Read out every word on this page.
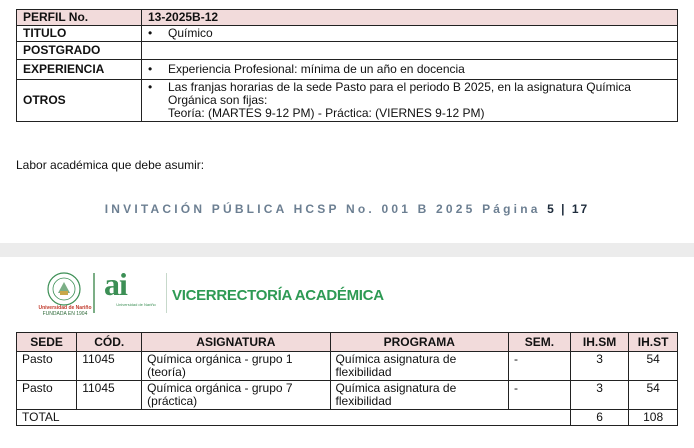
PERFIL No.	13-2025B-12
TITULO	• Químico

POSTGRADO	
EXPERIENCIA	• Experiencia Profesional: mínima de un año en docencia

OTROS	• Las franjas horarias de la sede Pasto para el periodo B 2025, en la asignatura Química Orgánica son fijas:
Teoría: (MARTES 9-12 PM) - Práctica: (VIERNES 9-12 PM)
Labor académica que debe asumir:
INVITACIÓN PÚBLICA HCSP No. 001 B 2025 Página 5 | 17
Universidad de Nariño
FUNDADA EN 1904
ai
Universidad de Nariño
VICERRECTORÍA ACADÉMICA
SEDE	CÓD.	ASIGNATURA	PROGRAMA	SEM.	IH.SM	IH.ST
Pasto	11045	Química orgánica - grupo 1 (teoría)	Química asignatura de flexibilidad	-	3	54
Pasto	11045	Química orgánica - grupo 7 (práctica)	Química asignatura de flexibilidad	-	3	54
TOTAL					6	108
